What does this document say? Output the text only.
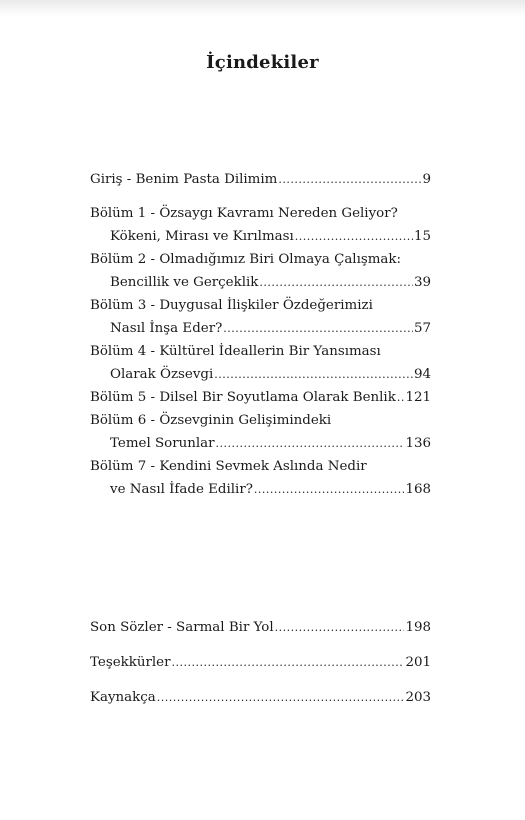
İçindekiler
Giriş - Benim Pasta Dilimim .....	9
Bölüm 1 - Özsaygı Kavramı Nereden Geliyor?
Kökeni, Mirası ve Kırılması .....	15
Bölüm 2 - Olmadığımız Biri Olmaya Çalışmak:
Bencillik ve Gerçeklik .....	39
Bölüm 3 - Duygusal İlişkiler Özdeğerimizi
Nasıl İnşa Eder? .....	57
Bölüm 4 - Kültürel İdeallerin Bir Yansıması
Olarak Özsevgi .....	94
Bölüm 5 - Dilsel Bir Soyutlama Olarak Benlik ..... 121
Bölüm 6 - Özsevginin Gelişimindeki
Temel Sorunlar .....	136
Bölüm 7 - Kendini Sevmek Aslında Nedir
ve Nasıl İfade Edilir? .....	168
Son Sözler - Sarmal Bir Yol .....	198
Teşekkürler .....	201
Kaynakça .....	203
